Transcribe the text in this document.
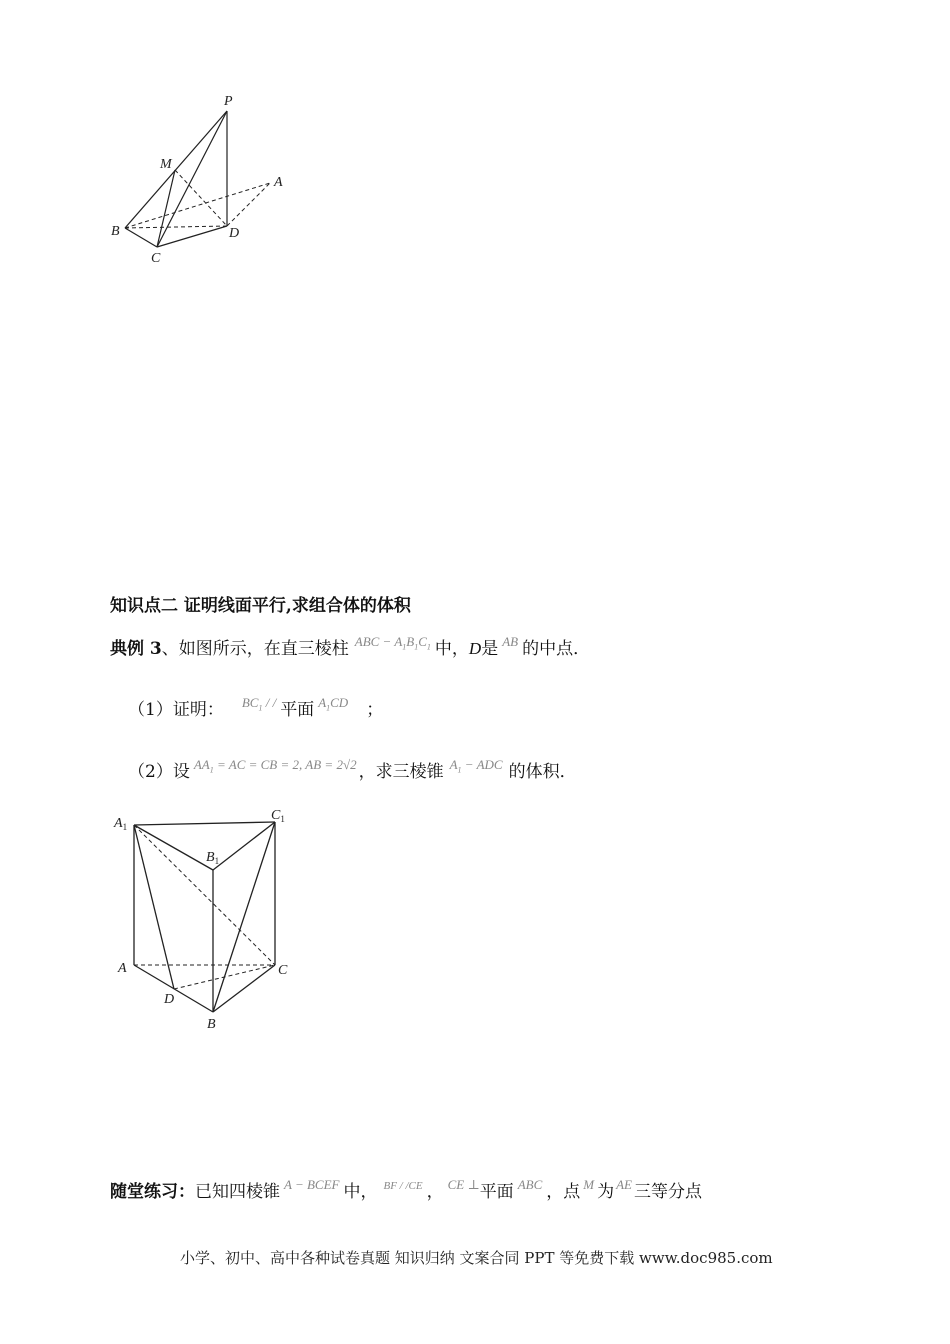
P
M
A
B	D
C
知识点二 证明线面平行,求组合体的体积
典例 3、如图所示，在直三棱柱 $^{ABC - A_1B_1C_1}$ 中，D是 $^{AB}$ 的中点．
（1）证明： $^{BC_1 / /}$ 平面 $^{A_1CD}$ ；
（2）设 $^{AA_1 = AC = CB = 2, AB = 2√2}$ ，求三棱锥 $^{A_1 - ADC}$ 的体积．
$A_1$
$C_1$
$B_1$
A	C
D
B
随堂练习：已知四棱锥 $^{A - BCEF}$ 中， $^{BF / /CE}$ ， $^{CE \perp}$平面 $^{ABC}$ ，点 $^M$ 为 $^{AE}$ 三等分点
小学、初中、高中各种试卷真题 知识归纳 文案合同 PPT 等免费下载 www.doc985.com
